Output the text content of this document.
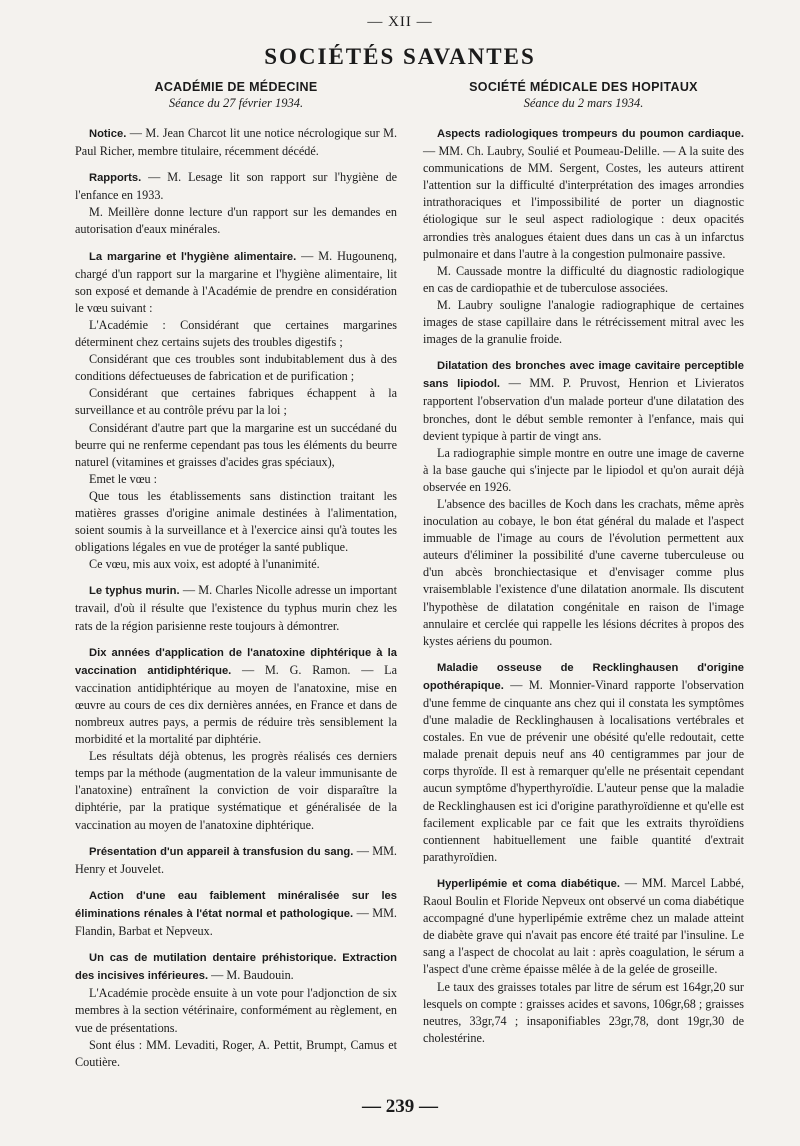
— XII —
SOCIÉTÉS SAVANTES
ACADÉMIE DE MÉDECINE
Séance du 27 février 1934.

Notice. — M. Jean Charcot lit une notice nécrologique sur M. Paul Richer, membre titulaire, récemment décédé.

Rapports. — M. Lesage lit son rapport sur l'hygiène de l'enfance en 1933.

M. Meillère donne lecture d'un rapport sur les demandes en autorisation d'eaux minérales.

La margarine et l'hygiène alimentaire. — M. Hugounenq, chargé d'un rapport sur la margarine et l'hygiène alimentaire, lit son exposé et demande à l'Académie de prendre en considération le vœu suivant :

L'Académie : Considérant que certaines margarines déterminent chez certains sujets des troubles digestifs ;

Considérant que ces troubles sont indubitablement dus à des conditions défectueuses de fabrication et de purification ;

Considérant que certaines fabriques échappent à la surveillance et au contrôle prévu par la loi ;

Considérant d'autre part que la margarine est un succédané du beurre qui ne renferme cependant pas tous les éléments du beurre naturel (vitamines et graisses d'acides gras spéciaux),

Emet le vœu :

Que tous les établissements sans distinction traitant les matières grasses d'origine animale destinées à l'alimentation, soient soumis à la surveillance et à l'exercice ainsi qu'à toutes les obligations légales en vue de protéger la santé publique.

Ce vœu, mis aux voix, est adopté à l'unanimité.

Le typhus murin. — M. Charles Nicolle adresse un important travail, d'où il résulte que l'existence du typhus murin chez les rats de la région parisienne reste toujours à démontrer.

Dix années d'application de l'anatoxine diphtérique à la vaccination antidiphtérique. — M. G. Ramon. — La vaccination antidiphtérique au moyen de l'anatoxine, mise en œuvre au cours de ces dix dernières années, en France et dans de nombreux autres pays, a permis de réduire très sensiblement la morbidité et la mortalité par diphtérie.

Les résultats déjà obtenus, les progrès réalisés ces derniers temps par la méthode (augmentation de la valeur immunisante de l'anatoxine) entraînent la conviction de voir disparaître la diphtérie, par la pratique systématique et généralisée de la vaccination au moyen de l'anatoxine diphtérique.

Présentation d'un appareil à transfusion du sang. — MM. Henry et Jouvelet.

Action d'une eau faiblement minéralisée sur les éliminations rénales à l'état normal et pathologique. — MM. Flandin, Barbat et Nepveux.

Un cas de mutilation dentaire préhistorique. Extraction des incisives inférieures. — M. Baudouin.

L'Académie procède ensuite à un vote pour l'adjonction de six membres à la section vétérinaire, conformément au règlement, en vue de présentations.

Sont élus : MM. Levaditi, Roger, A. Pettit, Brumpt, Camus et Coutière.

SOCIÉTÉ MÉDICALE DES HOPITAUX
Séance du 2 mars 1934.

Aspects radiologiques trompeurs du poumon cardiaque. — MM. Ch. Laubry, Soulié et Poumeau-Delille. — A la suite des communications de MM. Sergent, Costes, les auteurs attirent l'attention sur la difficulté d'interprétation des images arrondies intrathoraciques et l'impossibilité de porter un diagnostic étiologique sur le seul aspect radiologique : deux opacités arrondies très analogues étaient dues dans un cas à un infarctus pulmonaire et dans l'autre à la congestion pulmonaire passive.

M. Caussade montre la difficulté du diagnostic radiologique en cas de cardiopathie et de tuberculose associées.

M. Laubry souligne l'analogie radiographique de certaines images de stase capillaire dans le rétrécissement mitral avec les images de la granulie froide.

Dilatation des bronches avec image cavitaire perceptible sans lipiodol. — MM. P. Pruvost, Henrion et Livieratos rapportent l'observation d'un malade porteur d'une dilatation des bronches, dont le début semble remonter à l'enfance, mais qui devient typique à partir de vingt ans.

La radiographie simple montre en outre une image de caverne à la base gauche qui s'injecte par le lipiodol et qu'on aurait déjà observée en 1926.

L'absence des bacilles de Koch dans les crachats, même après inoculation au cobaye, le bon état général du malade et l'aspect immuable de l'image au cours de l'évolution permettent aux auteurs d'éliminer la possibilité d'une caverne tuberculeuse ou d'un abcès bronchiectasique et d'envisager comme plus vraisemblable l'existence d'une dilatation anormale. Ils discutent l'hypothèse de dilatation congénitale en raison de l'image annulaire et cerclée qui rappelle les lésions décrites à propos des kystes aériens du poumon.

Maladie osseuse de Recklinghausen d'origine opothérapique. — M. Monnier-Vinard rapporte l'observation d'une femme de cinquante ans chez qui il constata les symptômes d'une maladie de Recklinghausen à localisations vertébrales et costales. En vue de prévenir une obésité qu'elle redoutait, cette malade prenait depuis neuf ans 40 centigrammes par jour de corps thyroïde. Il est à remarquer qu'elle ne présentait cependant aucun symptôme d'hyperthyroïdie. L'auteur pense que la maladie de Recklinghausen est ici d'origine parathyroïdienne et qu'elle est facilement explicable par ce fait que les extraits thyroïdiens contiennent habituellement une faible quantité d'extrait parathyroïdien.

Hyperlipémie et coma diabétique. — MM. Marcel Labbé, Raoul Boulin et Floride Nepveux ont observé un coma diabétique accompagné d'une hyperlipémie extrême chez un malade atteint de diabète grave qui n'avait pas encore été traité par l'insuline. Le sang a l'aspect de chocolat au lait : après coagulation, le sérum a l'aspect d'une crème épaisse mêlée à de la gelée de groseille.

Le taux des graisses totales par litre de sérum est 164gr,20 sur lesquels on compte : graisses acides et savons, 106gr,68 ; graisses neutres, 33gr,74 ; insaponifiables 23gr,78, dont 19gr,30 de cholestérine.

— 239 —
